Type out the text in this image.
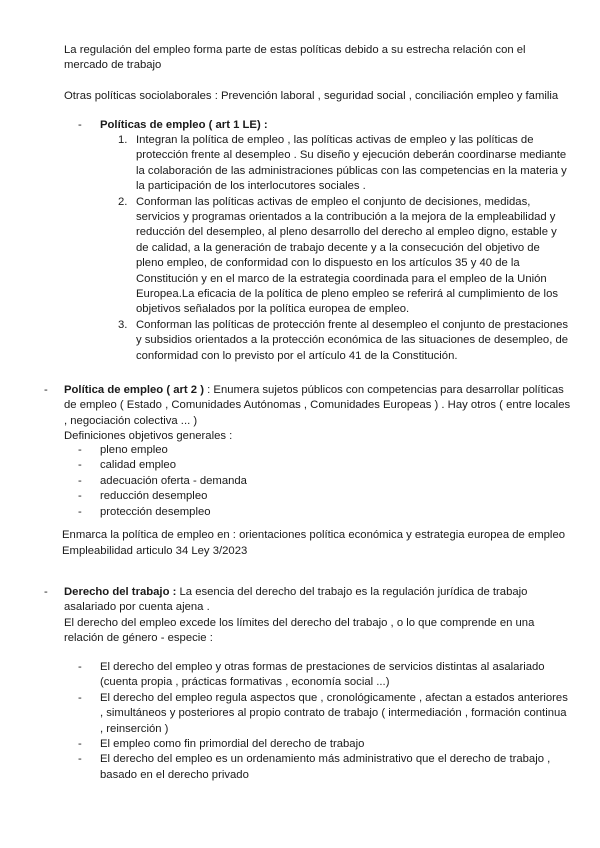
La regulación del empleo forma parte de estas políticas debido a su estrecha relación con el mercado de trabajo

Otras políticas sociolaborales : Prevención laboral , seguridad social , conciliación empleo y familia

- Políticas de empleo ( art 1 LE) :
1. Integran la política de empleo , las políticas activas de empleo y las políticas de protección frente al desempleo . Su diseño y ejecución deberán coordinarse mediante la colaboración de las administraciones públicas con las competencias en la materia y la participación de los interlocutores sociales .
2. Conforman las políticas activas de empleo el conjunto de decisiones, medidas, servicios y programas orientados a la contribución a la mejora de la empleabilidad y reducción del desempleo, al pleno desarrollo del derecho al empleo digno, estable y de calidad, a la generación de trabajo decente y a la consecución del objetivo de pleno empleo, de conformidad con lo dispuesto en los artículos 35 y 40 de la Constitución y en el marco de la estrategia coordinada para el empleo de la Unión Europea.La eficacia de la política de pleno empleo se referirá al cumplimiento de los objetivos señalados por la política europea de empleo.
3. Conforman las políticas de protección frente al desempleo el conjunto de prestaciones y subsidios orientados a la protección económica de las situaciones de desempleo, de conformidad con lo previsto por el artículo 41 de la Constitución.
- Política de empleo ( art 2 ) : Enumera sujetos públicos con competencias para desarrollar políticas de empleo ( Estado , Comunidades Autónomas , Comunidades Europeas ) . Hay otros ( entre locales , negociación colectiva ... )
Definiciones objetivos generales :
- pleno empleo
- calidad empleo
- adecuación oferta - demanda
- reducción desempleo
- protección desempleo

Enmarca la política de empleo en : orientaciones política económica y estrategia europea de empleo

Empleabilidad articulo 34 Ley 3/2023

- Derecho del trabajo : La esencia del derecho del trabajo es la regulación jurídica de trabajo asalariado por cuenta ajena .
El derecho del empleo excede los límites del derecho del trabajo , o lo que comprende en una relación de género - especie :
- El derecho del empleo y otras formas de prestaciones de servicios distintas al asalariado (cuenta propia , prácticas formativas , economía social ...)
- El derecho del empleo regula aspectos que , cronológicamente , afectan a estados anteriores , simultáneos y posteriores al propio contrato de trabajo ( intermediación , formación continua , reinserción )
- El empleo como fin primordial del derecho de trabajo
- El derecho del empleo es un ordenamiento más administrativo que el derecho de trabajo , basado en el derecho privado
